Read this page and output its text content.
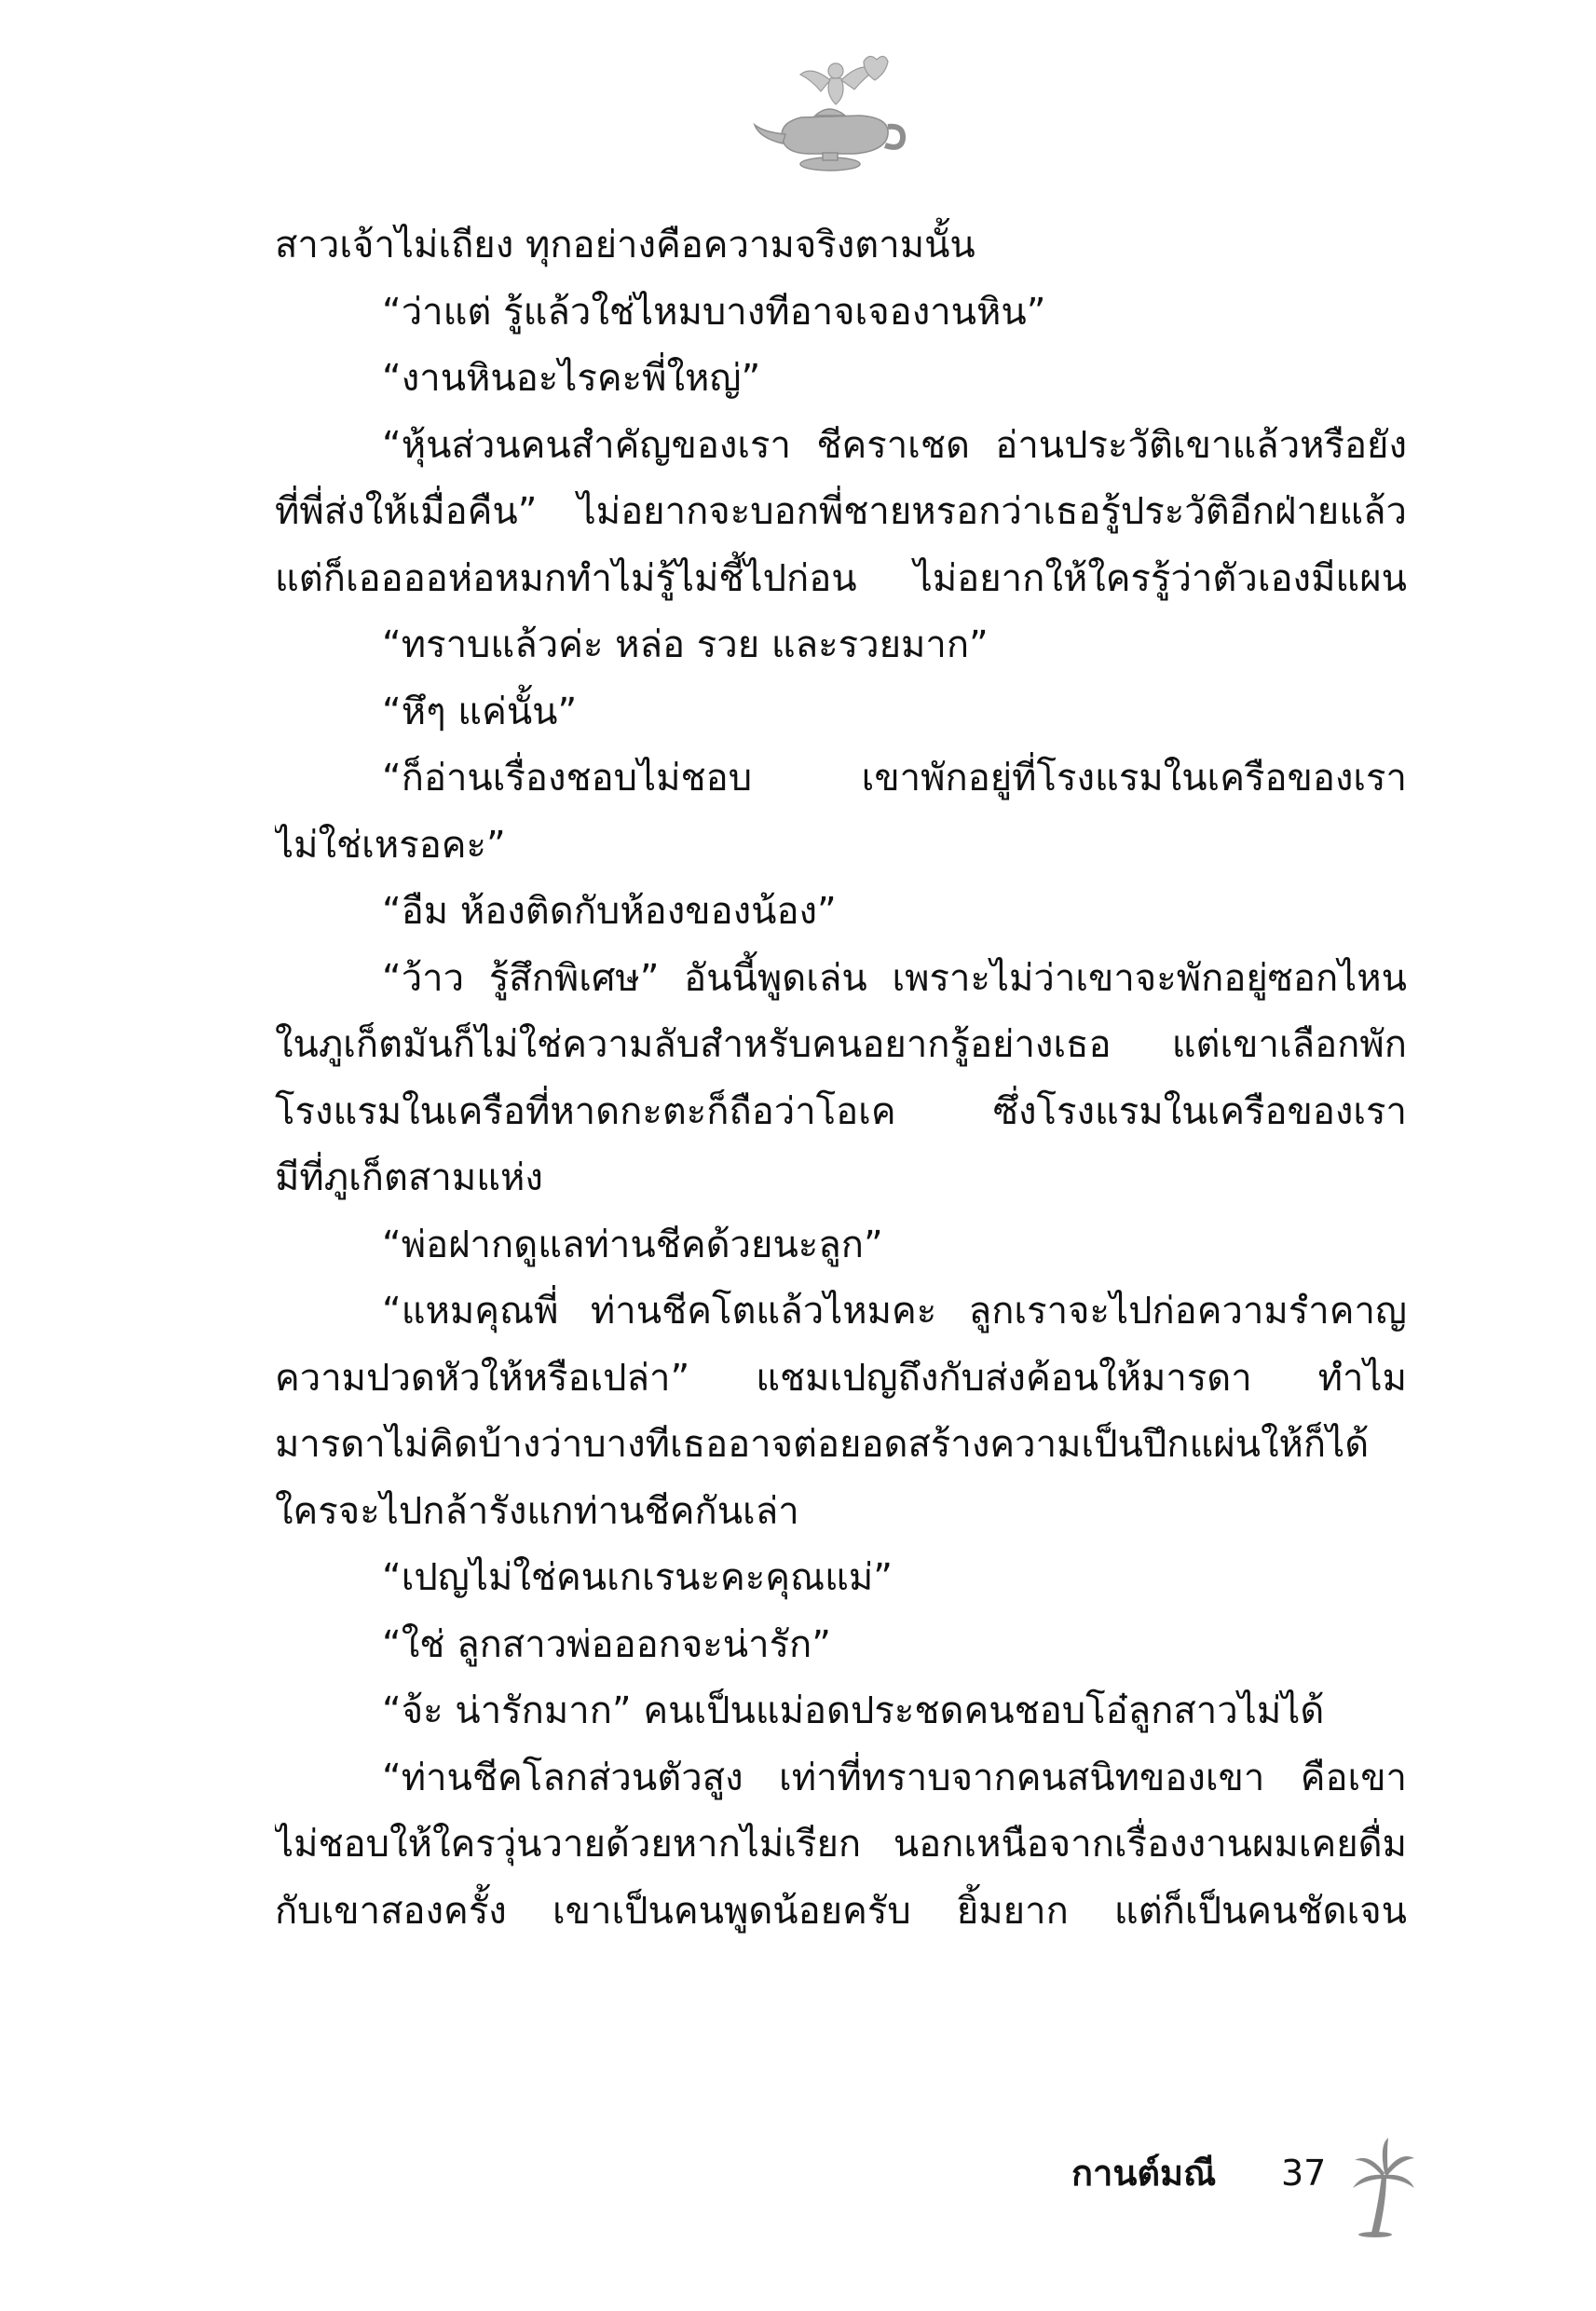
สาวเจ้าไม่เถียง ทุกอย่างคือความจริงตามนั้น
“ว่าแต่ รู้แล้วใช่ไหมบางทีอาจเจองานหิน”
“งานหินอะไรคะพี่ใหญ่”
“หุ้นส่วนคนสำคัญของเรา ชีคราเชด อ่านประวัติเขาแล้วหรือยัง
ที่พี่ส่งให้เมื่อคืน” ไม่อยากจะบอกพี่ชายหรอกว่าเธอรู้ประวัติอีกฝ่ายแล้ว
แต่ก็เออออห่อหมกทำไม่รู้ไม่ชี้ไปก่อน ไม่อยากให้ใครรู้ว่าตัวเองมีแผน
“ทราบแล้วค่ะ หล่อ รวย และรวยมาก”
“หึๆ แค่นั้น”
“ก็อ่านเรื่องชอบไม่ชอบ เขาพักอยู่ที่โรงแรมในเครือของเรา
ไม่ใช่เหรอคะ”
“อืม ห้องติดกับห้องของน้อง”
“ว้าว รู้สึกพิเศษ” อันนี้พูดเล่น เพราะไม่ว่าเขาจะพักอยู่ซอกไหน
ในภูเก็ตมันก็ไม่ใช่ความลับสำหรับคนอยากรู้อย่างเธอ แต่เขาเลือกพัก
โรงแรมในเครือที่หาดกะตะก็ถือว่าโอเค ซึ่งโรงแรมในเครือของเรา
มีที่ภูเก็ตสามแห่ง
“พ่อฝากดูแลท่านชีคด้วยนะลูก”
“แหมคุณพี่ ท่านชีคโตแล้วไหมคะ ลูกเราจะไปก่อความรำคาญ
ความปวดหัวให้หรือเปล่า” แชมเปญถึงกับส่งค้อนให้มารดา ทำไม
มารดาไม่คิดบ้างว่าบางทีเธออาจต่อยอดสร้างความเป็นปึกแผ่นให้ก็ได้
ใครจะไปกล้ารังแกท่านชีคกันเล่า
“เปญไม่ใช่คนเกเรนะคะคุณแม่”
“ใช่ ลูกสาวพ่อออกจะน่ารัก”
“จ้ะ น่ารักมาก” คนเป็นแม่อดประชดคนชอบโอ๋ลูกสาวไม่ได้
“ท่านชีคโลกส่วนตัวสูง เท่าที่ทราบจากคนสนิทของเขา คือเขา
ไม่ชอบให้ใครวุ่นวายด้วยหากไม่เรียก นอกเหนือจากเรื่องงานผมเคยดื่ม
กับเขาสองครั้ง เขาเป็นคนพูดน้อยครับ ยิ้มยาก แต่ก็เป็นคนชัดเจน
กานต์มณี 37
